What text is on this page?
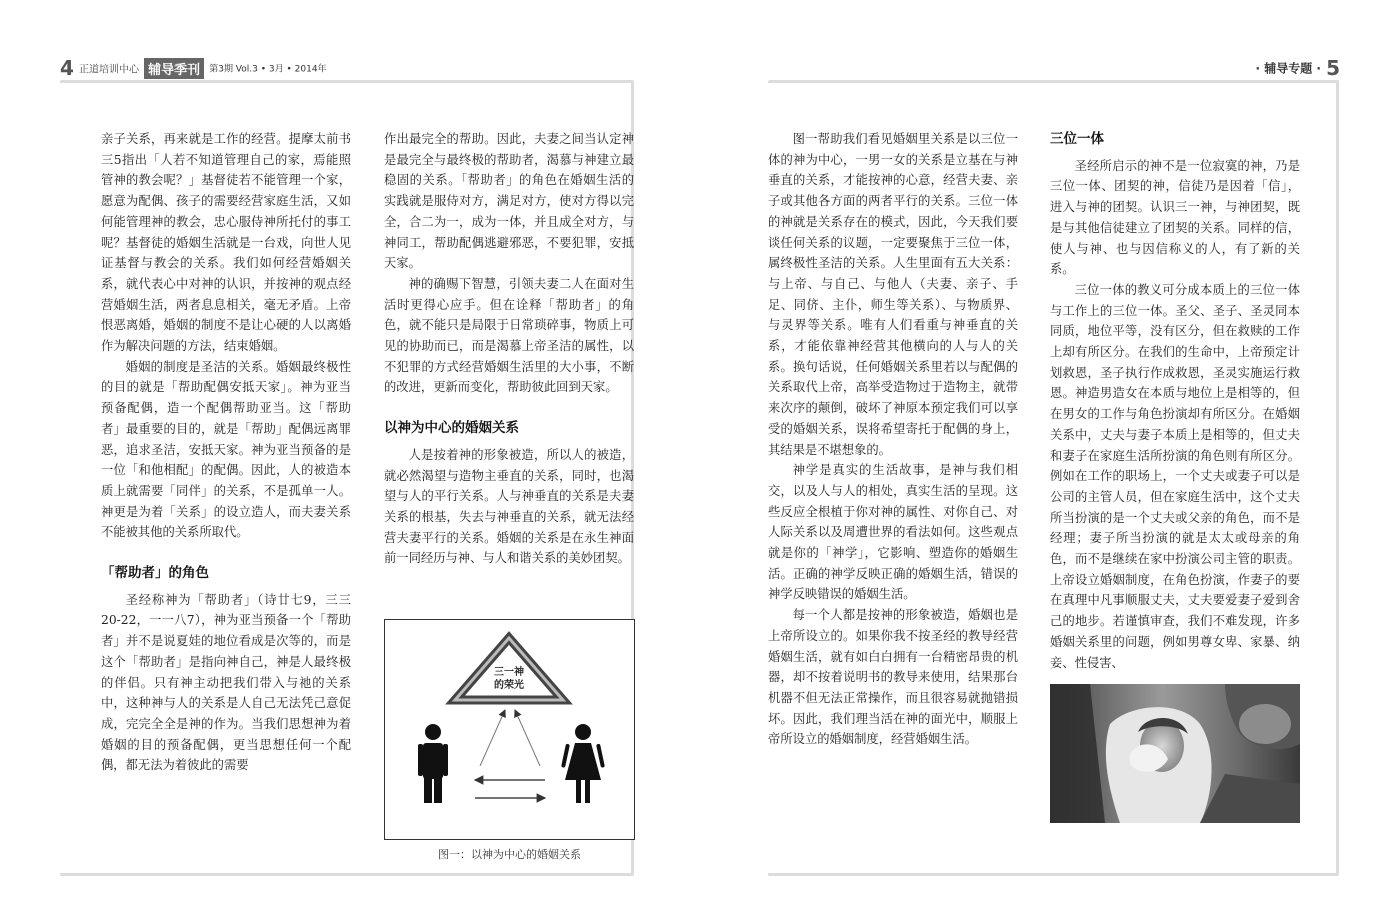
4 正道培训中心 辅导季刊 第3期 Vol.3 • 3月 • 2014年	· 辅导专题 · 5

亲子关系，再来就是工作的经营。提摩太前书三5指出「人若不知道管理自己的家，焉能照管神的教会呢？」基督徒若不能管理一个家，愿意为配偶、孩子的需要经营家庭生活，又如何能管理神的教会，忠心服侍神所托付的事工呢？基督徒的婚姻生活就是一台戏，向世人见证基督与教会的关系。我们如何经营婚姻关系，就代表心中对神的认识，并按神的观点经营婚姻生活，两者息息相关，毫无矛盾。上帝恨恶离婚，婚姻的制度不是让心硬的人以离婚作为解决问题的方法，结束婚姻。

婚姻的制度是圣洁的关系。婚姻最终极性的目的就是「帮助配偶安抵天家」。神为亚当预备配偶，造一个配偶帮助亚当。这「帮助者」最重要的目的，就是「帮助」配偶远离罪恶，追求圣洁，安抵天家。神为亚当预备的是一位「和他相配」的配偶。因此，人的被造本质上就需要「同伴」的关系，不是孤单一人。神更是为着「关系」的设立造人，而夫妻关系不能被其他的关系所取代。

「帮助者」的角色

圣经称神为「帮助者」（诗廿七9，三三20-22，一一八7），神为亚当预备一个「帮助者」并不是说夏娃的地位看成是次等的，而是这个「帮助者」是指向神自己，神是人最终极的伴侣。只有神主动把我们带入与祂的关系中，这种神与人的关系是人自己无法凭己意促成，完完全全是神的作为。当我们思想神为着婚姻的目的预备配偶，更当思想任何一个配偶，都无法为着彼此的需要

作出最完全的帮助。因此，夫妻之间当认定神是最完全与最终极的帮助者，渴慕与神建立最稳固的关系。「帮助者」的角色在婚姻生活的实践就是服侍对方，满足对方，使对方得以完全，合二为一，成为一体，并且成全对方，与神同工，帮助配偶逃避邪恶，不要犯罪，安抵天家。

神的确赐下智慧，引领夫妻二人在面对生活时更得心应手。但在诠释「帮助者」的角色，就不能只是局限于日常琐碎事，物质上可见的协助而已，而是渴慕上帝圣洁的属性，以不犯罪的方式经营婚姻生活里的大小事，不断的改进，更新而变化，帮助彼此回到天家。

以神为中心的婚姻关系

人是按着神的形象被造，所以人的被造，就必然渴望与造物主垂直的关系，同时，也渴望与人的平行关系。人与神垂直的关系是夫妻关系的根基，失去与神垂直的关系，就无法经营夫妻平行的关系。婚姻的关系是在永生神面前一同经历与神、与人和谐关系的美妙团契。

三一神
的荣光
图一：以神为中心的婚姻关系

图一帮助我们看见婚姻里关系是以三位一体的神为中心，一男一女的关系是立基在与神垂直的关系，才能按神的心意，经营夫妻、亲子或其他各方面的两者平行的关系。三位一体的神就是关系存在的模式，因此，今天我们要谈任何关系的议题，一定要聚焦于三位一体，属终极性圣洁的关系。人生里面有五大关系：与上帝、与自己、与他人（夫妻、亲子、手足、同侪、主仆，师生等关系）、与物质界、与灵界等关系。唯有人们看重与神垂直的关系，才能依靠神经营其他横向的人与人的关系。换句话说，任何婚姻关系里若以与配偶的关系取代上帝，高举受造物过于造物主，就带来次序的颠倒，破坏了神原本预定我们可以享受的婚姻关系，误将希望寄托于配偶的身上，其结果是不堪想象的。

神学是真实的生活故事，是神与我们相交，以及人与人的相处，真实生活的呈现。这些反应全根植于你对神的属性、对你自己、对人际关系以及周遭世界的看法如何。这些观点就是你的「神学」，它影响、塑造你的婚姻生活。正确的神学反映正确的婚姻生活，错误的神学反映错误的婚姻生活。

每一个人都是按神的形象被造，婚姻也是上帝所设立的。如果你我不按圣经的教导经营婚姻生活，就有如白白拥有一台精密昂贵的机器，却不按着说明书的教导来使用，结果那台机器不但无法正常操作，而且很容易就抛错损坏。因此，我们理当活在神的面光中，顺服上帝所设立的婚姻制度，经营婚姻生活。

三位一体

圣经所启示的神不是一位寂寞的神，乃是三位一体、团契的神，信徒乃是因着「信」，进入与神的团契。认识三一神，与神团契，既是与其他信徒建立了团契的关系。同样的信，使人与神、也与因信称义的人，有了新的关系。

三位一体的教义可分成本质上的三位一体与工作上的三位一体。圣父、圣子、圣灵同本同质，地位平等，没有区分，但在救赎的工作上却有所区分。在我们的生命中，上帝预定计划救恩，圣子执行作成救恩，圣灵实施运行救恩。神造男造女在本质与地位上是相等的，但在男女的工作与角色扮演却有所区分。在婚姻关系中，丈夫与妻子本质上是相等的，但丈夫和妻子在家庭生活所扮演的角色则有所区分。例如在工作的职场上，一个丈夫或妻子可以是公司的主管人员，但在家庭生活中，这个丈夫所当扮演的是一个丈夫或父亲的角色，而不是经理；妻子所当扮演的就是太太或母亲的角色，而不是继续在家中扮演公司主管的职责。上帝设立婚姻制度，在角色扮演，作妻子的要在真理中凡事顺服丈夫，丈夫要爱妻子爱到舍己的地步。若谨慎审查，我们不难发现，许多婚姻关系里的问题，例如男尊女卑、家暴、纳妾、性侵害、
